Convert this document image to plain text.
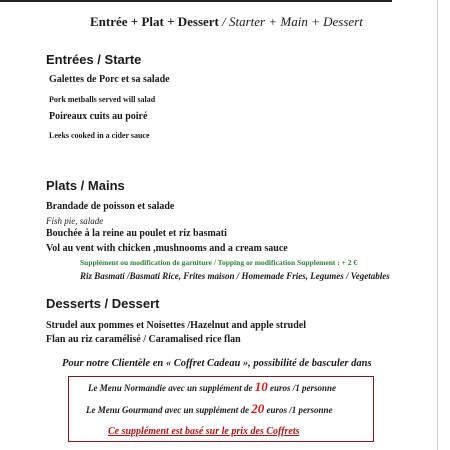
Entrée + Plat + Dessert / Starter + Main + Dessert
Entrées / Starte
Galettes de Porc et sa salade
Pork metballs served will salad
Poireaux cuits au poiré
Leeks cooked in a cider sauce
Plats / Mains
Brandade de poisson et salade
Fish pie, salade
Bouchée à la reine au poulet et riz basmati
Vol au vent with chicken ,mushnooms and a cream sauce
Supplément ou modification de garniture / Topping or modification Supplement : + 2 €
Riz Basmati /Basmati Rice, Frites maison / Homemade Fries, Legumes / Vegetables
Desserts / Dessert
Strudel aux pommes et Noisettes /Hazelnut and apple strudel
Flan au riz caramélisé / Caramalised rice flan
Pour notre Clientèle en « Coffret Cadeau », possibilité de basculer dans
Le Menu Normandie avec un supplément de 10 euros /1 personne
Le Menu Gourmand avec un supplément de 20 euros /1 personne
Ce supplément est basé sur le prix des Coffrets
